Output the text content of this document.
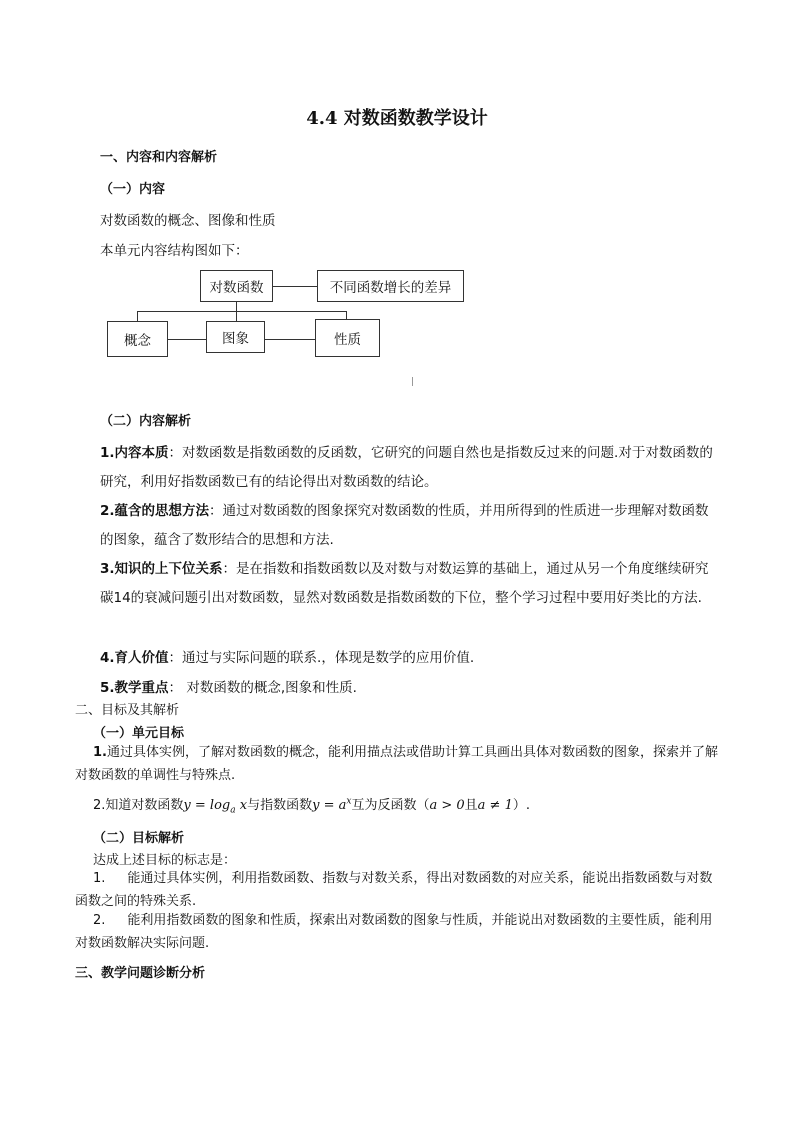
4.4 对数函数教学设计
一、内容和内容解析
（一）内容
对数函数的概念、图像和性质
本单元内容结构图如下：
对数函数	不同函数增长的差异
概念	图象	性质
（二）内容解析
1.内容本质：对数函数是指数函数的反函数，它研究的问题自然也是指数反过来的问题.对于对数函数的研究，利用好指数函数已有的结论得出对数函数的结论。
2.蕴含的思想方法：通过对数函数的图象探究对数函数的性质，并用所得到的性质进一步理解对数函数的图象，蕴含了数形结合的思想和方法.
3.知识的上下位关系：是在指数和指数函数以及对数与对数运算的基础上，通过从另一个角度继续研究碳14的衰减问题引出对数函数，显然对数函数是指数函数的下位，整个学习过程中要用好类比的方法.
4.育人价值：通过与实际问题的联系.，体现是数学的应用价值.
5.教学重点： 对数函数的概念,图象和性质.
二、目标及其解析
（一）单元目标
1.通过具体实例，了解对数函数的概念，能利用描点法或借助计算工具画出具体对数函数的图象，探索并了解对数函数的单调性与特殊点.
2.知道对数函数$y = \log_a x$与指数函数$y = a^x$互为反函数（a > 0且a ≠ 1）.
（二）目标解析
达成上述目标的标志是：
1. 能通过具体实例，利用指数函数、指数与对数关系，得出对数函数的对应关系，能说出指数函数与对数函数之间的特殊关系.
2. 能利用指数函数的图象和性质，探索出对数函数的图象与性质，并能说出对数函数的主要性质，能利用对数函数解决实际问题.
三、教学问题诊断分析
